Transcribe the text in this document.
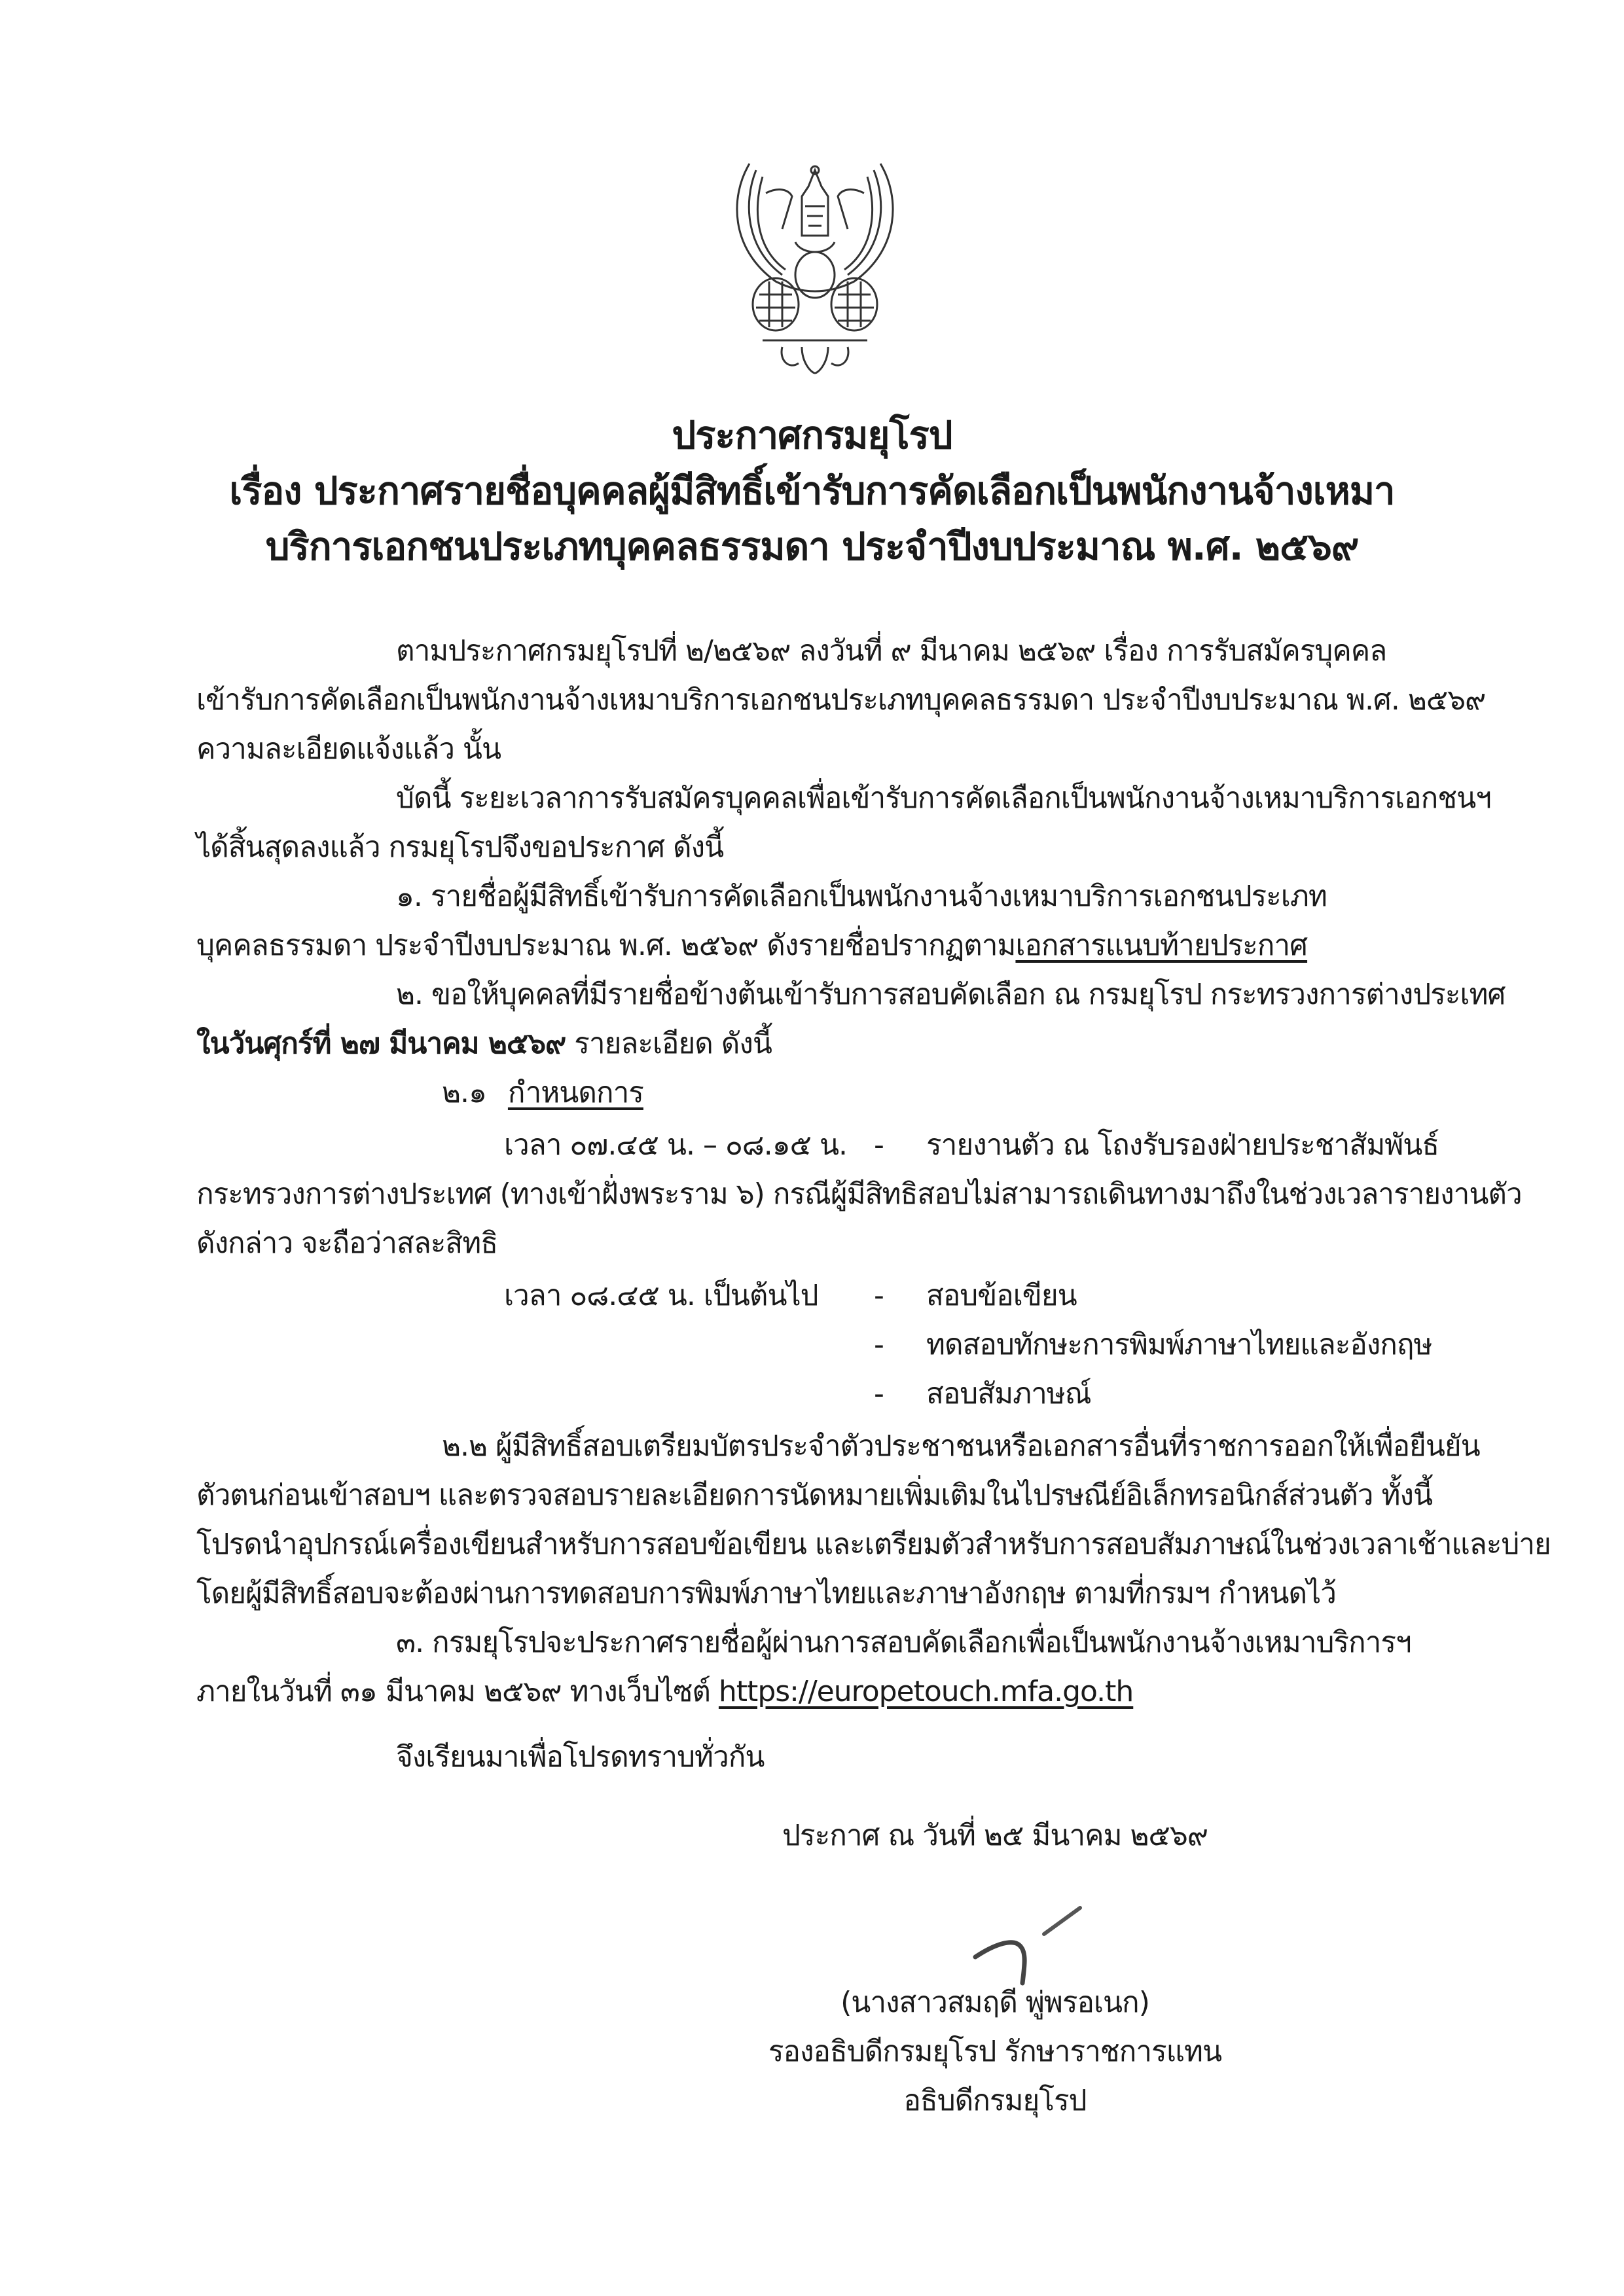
ประกาศกรมยุโรป
เรื่อง ประกาศรายชื่อบุคคลผู้มีสิทธิ์เข้ารับการคัดเลือกเป็นพนักงานจ้างเหมา
บริการเอกชนประเภทบุคคลธรรมดา ประจำปีงบประมาณ พ.ศ. ๒๕๖๙
ตามประกาศกรมยุโรปที่ ๒/๒๕๖๙ ลงวันที่ ๙ มีนาคม ๒๕๖๙ เรื่อง การรับสมัครบุคคล
เข้ารับการคัดเลือกเป็นพนักงานจ้างเหมาบริการเอกชนประเภทบุคคลธรรมดา ประจำปีงบประมาณ พ.ศ. ๒๕๖๙
ความละเอียดแจ้งแล้ว นั้น
บัดนี้ ระยะเวลาการรับสมัครบุคคลเพื่อเข้ารับการคัดเลือกเป็นพนักงานจ้างเหมาบริการเอกชนฯ
ได้สิ้นสุดลงแล้ว กรมยุโรปจึงขอประกาศ ดังนี้
๑. รายชื่อผู้มีสิทธิ์เข้ารับการคัดเลือกเป็นพนักงานจ้างเหมาบริการเอกชนประเภท
บุคคลธรรมดา ประจำปีงบประมาณ พ.ศ. ๒๕๖๙ ดังรายชื่อปรากฏตามเอกสารแนบท้ายประกาศ
๒. ขอให้บุคคลที่มีรายชื่อข้างต้นเข้ารับการสอบคัดเลือก ณ กรมยุโรป กระทรวงการต่างประเทศ
ในวันศุกร์ที่ ๒๗ มีนาคม ๒๕๖๙ รายละเอียด ดังนี้
๒.๑ กำหนดการ
เวลา ๐๗.๔๕ น. – ๐๘.๑๕ น. - รายงานตัว ณ โถงรับรองฝ่ายประชาสัมพันธ์
กระทรวงการต่างประเทศ (ทางเข้าฝั่งพระราม ๖) กรณีผู้มีสิทธิสอบไม่สามารถเดินทางมาถึงในช่วงเวลารายงานตัว
ดังกล่าว จะถือว่าสละสิทธิ
เวลา ๐๘.๔๕ น. เป็นต้นไป - สอบข้อเขียน
- ทดสอบทักษะการพิมพ์ภาษาไทยและอังกฤษ
- สอบสัมภาษณ์
๒.๒ ผู้มีสิทธิ์สอบเตรียมบัตรประจำตัวประชาชนหรือเอกสารอื่นที่ราชการออกให้เพื่อยืนยัน
ตัวตนก่อนเข้าสอบฯ และตรวจสอบรายละเอียดการนัดหมายเพิ่มเติมในไปรษณีย์อิเล็กทรอนิกส์ส่วนตัว ทั้งนี้
โปรดนำอุปกรณ์เครื่องเขียนสำหรับการสอบข้อเขียน และเตรียมตัวสำหรับการสอบสัมภาษณ์ในช่วงเวลาเช้าและบ่าย
โดยผู้มีสิทธิ์สอบจะต้องผ่านการทดสอบการพิมพ์ภาษาไทยและภาษาอังกฤษ ตามที่กรมฯ กำหนดไว้
๓. กรมยุโรปจะประกาศรายชื่อผู้ผ่านการสอบคัดเลือกเพื่อเป็นพนักงานจ้างเหมาบริการฯ
ภายในวันที่ ๓๑ มีนาคม ๒๕๖๙ ทางเว็บไซต์ https://europetouch.mfa.go.th
จึงเรียนมาเพื่อโปรดทราบทั่วกัน
ประกาศ ณ วันที่ ๒๕ มีนาคม ๒๕๖๙
(นางสาวสมฤดี พู่พรอเนก)
รองอธิบดีกรมยุโรป รักษาราชการแทน
อธิบดีกรมยุโรป
